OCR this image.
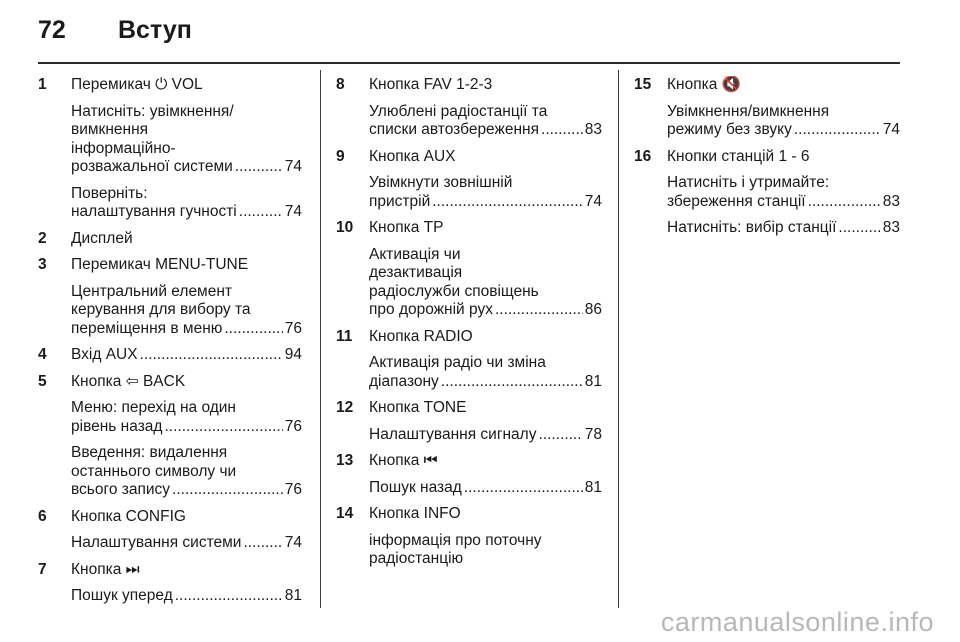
72 Вступ
1	Перемикач ⏻ VOL
Натисніть: увімкнення/
вимкнення
інформаційно-
розважальної системи .....	74
Поверніть:
налаштування гучності .....	74
2	Дисплей
3	Перемикач MENU-TUNE
Центральний елемент
керування для вибору та
переміщення в меню .....	76
4	Вхід AUX .....	94
5	Кнопка ⇦ BACK
Меню: перехід на один
рівень назад .....	76
Введення: видалення
останнього символу чи
всього запису .....	76
6	Кнопка CONFIG
Налаштування системи .....	74
7	Кнопка ⏭
Пошук уперед .....	81
8	Кнопка FAV 1-2-3
Улюблені радіостанції та
списки автозбереження .....	83
9	Кнопка AUX
Увімкнути зовнішній
пристрій .....	74
10	Кнопка TP
Активація чи
дезактивація
радіослужби сповіщень
про дорожній рух .....	86
11	Кнопка RADIO
Активація радіо чи зміна
діапазону .....	81
12	Кнопка TONE
Налаштування сигналу .....	78
13	Кнопка ⏮
Пошук назад .....	81
14	Кнопка INFO
інформація про поточну
радіостанцію
15	Кнопка 🔇
Увімкнення/вимкнення
режиму без звуку .....	74
16	Кнопки станцій 1 - 6
Натисніть і утримайте:
збереження станції .....	83
Натисніть: вибір станції .....	83
carmanualsonline.info
